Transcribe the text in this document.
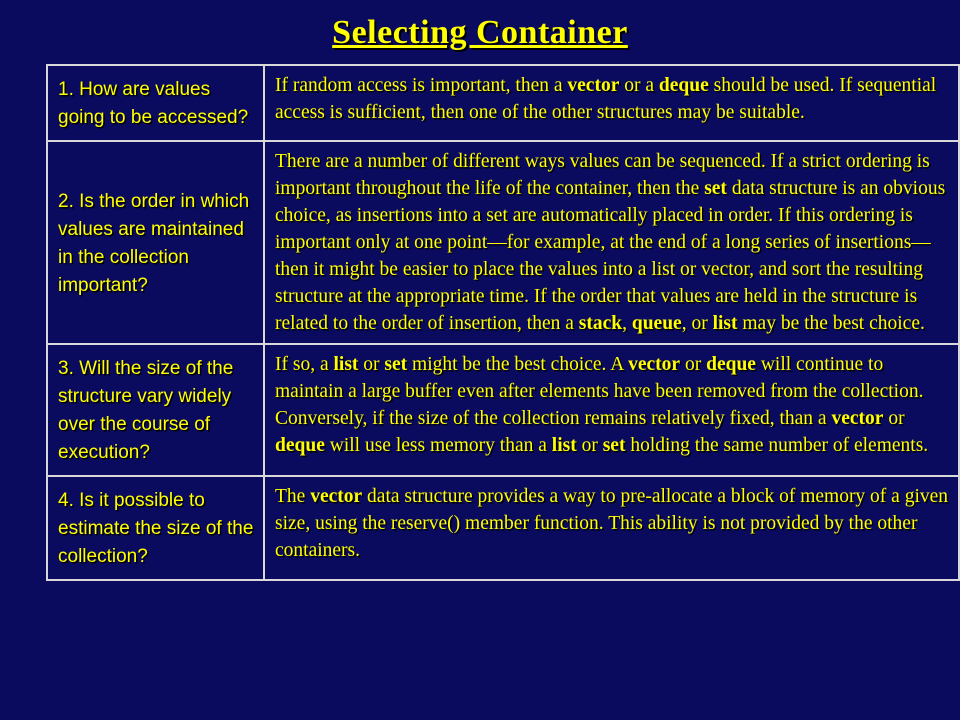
Selecting Container
1. How are values going to be accessed?	If random access is important, then a vector or a deque should be used. If sequential access is sufficient, then one of the other structures may be suitable.
2. Is the order in which values are maintained in the collection important?	There are a number of different ways values can be sequenced. If a strict ordering is important throughout the life of the container, then the set data structure is an obvious choice, as insertions into a set are automatically placed in order. If this ordering is important only at one point—for example, at the end of a long series of insertions—then it might be easier to place the values into a list or vector, and sort the resulting structure at the appropriate time. If the order that values are held in the structure is related to the order of insertion, then a stack, queue, or list may be the best choice.
3. Will the size of the structure vary widely over the course of execution?	If so, a list or set might be the best choice. A vector or deque will continue to maintain a large buffer even after elements have been removed from the collection. Conversely, if the size of the collection remains relatively fixed, than a vector or deque will use less memory than a list or set holding the same number of elements.
4. Is it possible to estimate the size of the collection?	The vector data structure provides a way to pre-allocate a block of memory of a given size, using the reserve() member function. This ability is not provided by the other containers.
